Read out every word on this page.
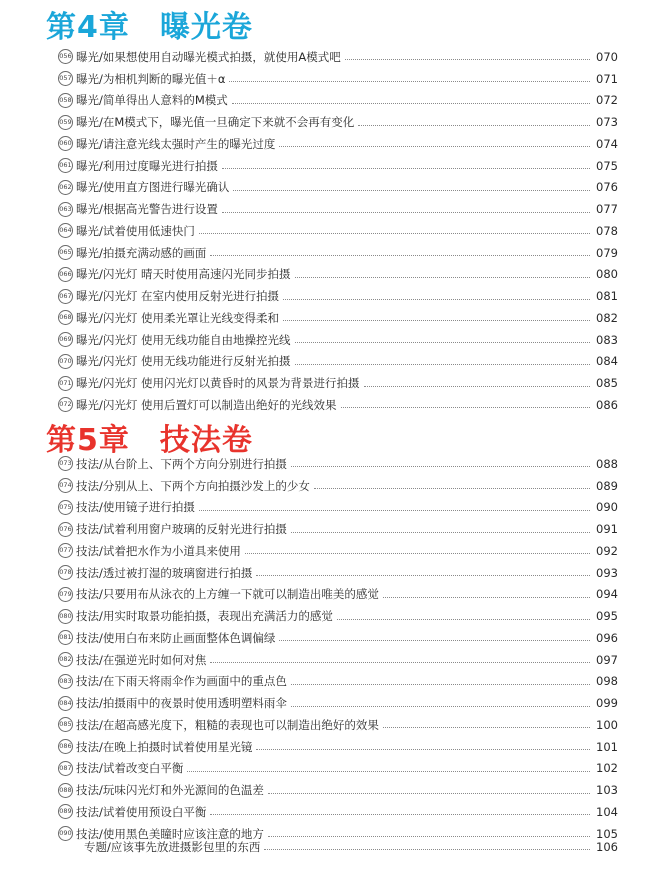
第4章 曝光卷
056 曝光/如果想使用自动曝光模式拍摄，就使用A模式吧	070
057 曝光/为相机判断的曝光值＋α	071
058 曝光/简单得出人意料的M模式	072
059 曝光/在M模式下，曝光值一旦确定下来就不会再有变化	073
060 曝光/请注意光线太强时产生的曝光过度	074
061 曝光/利用过度曝光进行拍摄	075
062 曝光/使用直方图进行曝光确认	076
063 曝光/根据高光警告进行设置	077
064 曝光/试着使用低速快门	078
065 曝光/拍摄充满动感的画面	079
066 曝光/闪光灯 晴天时使用高速闪光同步拍摄	080
067 曝光/闪光灯 在室内使用反射光进行拍摄	081
068 曝光/闪光灯 使用柔光罩让光线变得柔和	082
069 曝光/闪光灯 使用无线功能自由地操控光线	083
070 曝光/闪光灯 使用无线功能进行反射光拍摄	084
071 曝光/闪光灯 使用闪光灯以黄昏时的风景为背景进行拍摄	085
072 曝光/闪光灯 使用后置灯可以制造出绝好的光线效果	086
第5章 技法卷
073 技法/从台阶上、下两个方向分别进行拍摄	088
074 技法/分别从上、下两个方向拍摄沙发上的少女	089
075 技法/使用镜子进行拍摄	090
076 技法/试着利用窗户玻璃的反射光进行拍摄	091
077 技法/试着把水作为小道具来使用	092
078 技法/透过被打湿的玻璃窗进行拍摄	093
079 技法/只要用布从泳衣的上方缠一下就可以制造出唯美的感觉	094
080 技法/用实时取景功能拍摄，表现出充满活力的感觉	095
081 技法/使用白布来防止画面整体色调偏绿	096
082 技法/在强逆光时如何对焦	097
083 技法/在下雨天将雨伞作为画面中的重点色	098
084 技法/拍摄雨中的夜景时使用透明塑料雨伞	099
085 技法/在超高感光度下，粗糙的表现也可以制造出绝好的效果	100
086 技法/在晚上拍摄时试着使用星光镜	101
087 技法/试着改变白平衡	102
088 技法/玩味闪光灯和外光源间的色温差	103
089 技法/试着使用预设白平衡	104
090 技法/使用黑色美瞳时应该注意的地方	105
专题/应该事先放进摄影包里的东西	106
